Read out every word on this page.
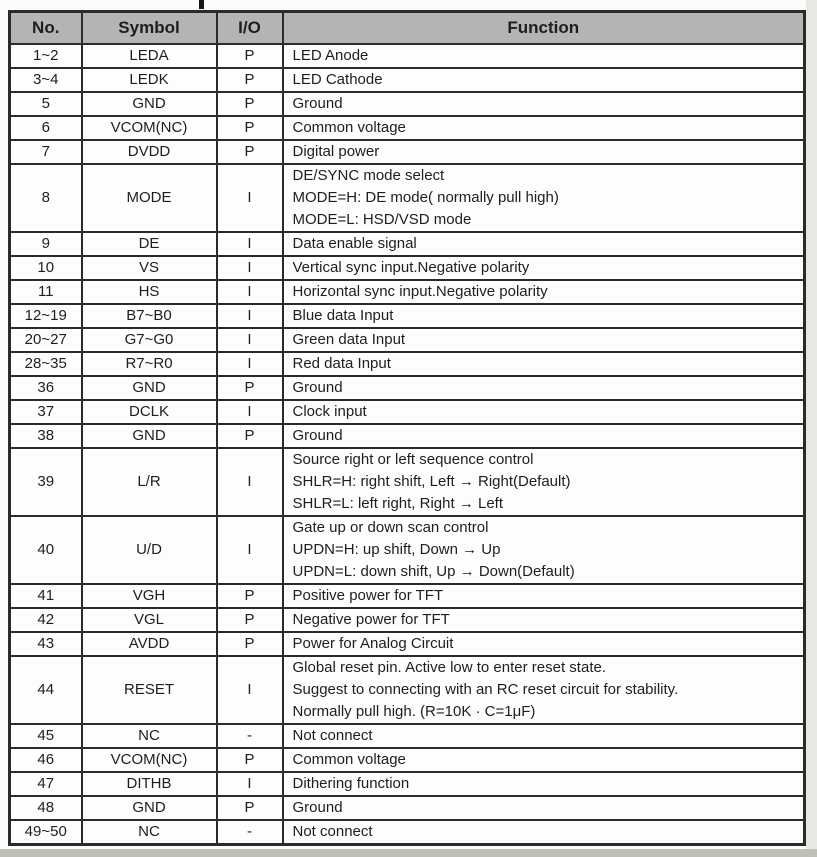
No.	Symbol	I/O	Function
1~2	LEDA	P	LED Anode

3~4	LEDK	P	LED Cathode

5	GND	P	Ground

6	VCOM(NC)	P	Common voltage

7	DVDD	P	Digital power

8	MODE	I	DE/SYNC mode select
MODE=H: DE mode( normally pull high)
MODE=L: HSD/VSD mode

9	DE	I	Data enable signal

10	VS	I	Vertical sync input.Negative polarity

11	HS	I	Horizontal sync input.Negative polarity

12~19	B7~B0	I	Blue data Input

20~27	G7~G0	I	Green data Input

28~35	R7~R0	I	Red data Input

36	GND	P	Ground

37	DCLK	I	Clock input

38	GND	P	Ground

39	L/R	I	Source right or left sequence control
SHLR=H: right shift, Left → Right(Default)
SHLR=L: left right, Right → Left

40	U/D	I	Gate up or down scan control
UPDN=H: up shift, Down → Up
UPDN=L: down shift, Up → Down(Default)

41	VGH	P	Positive power for TFT

42	VGL	P	Negative power for TFT

43	AVDD	P	Power for Analog Circuit

44	RESET	I	Global reset pin. Active low to enter reset state.
Suggest to connecting with an RC reset circuit for stability.
Normally pull high. (R=10K · C=1μF)

45	NC	-	Not connect

46	VCOM(NC)	P	Common voltage

47	DITHB	I	Dithering function

48	GND	P	Ground

49~50	NC	-	Not connect
